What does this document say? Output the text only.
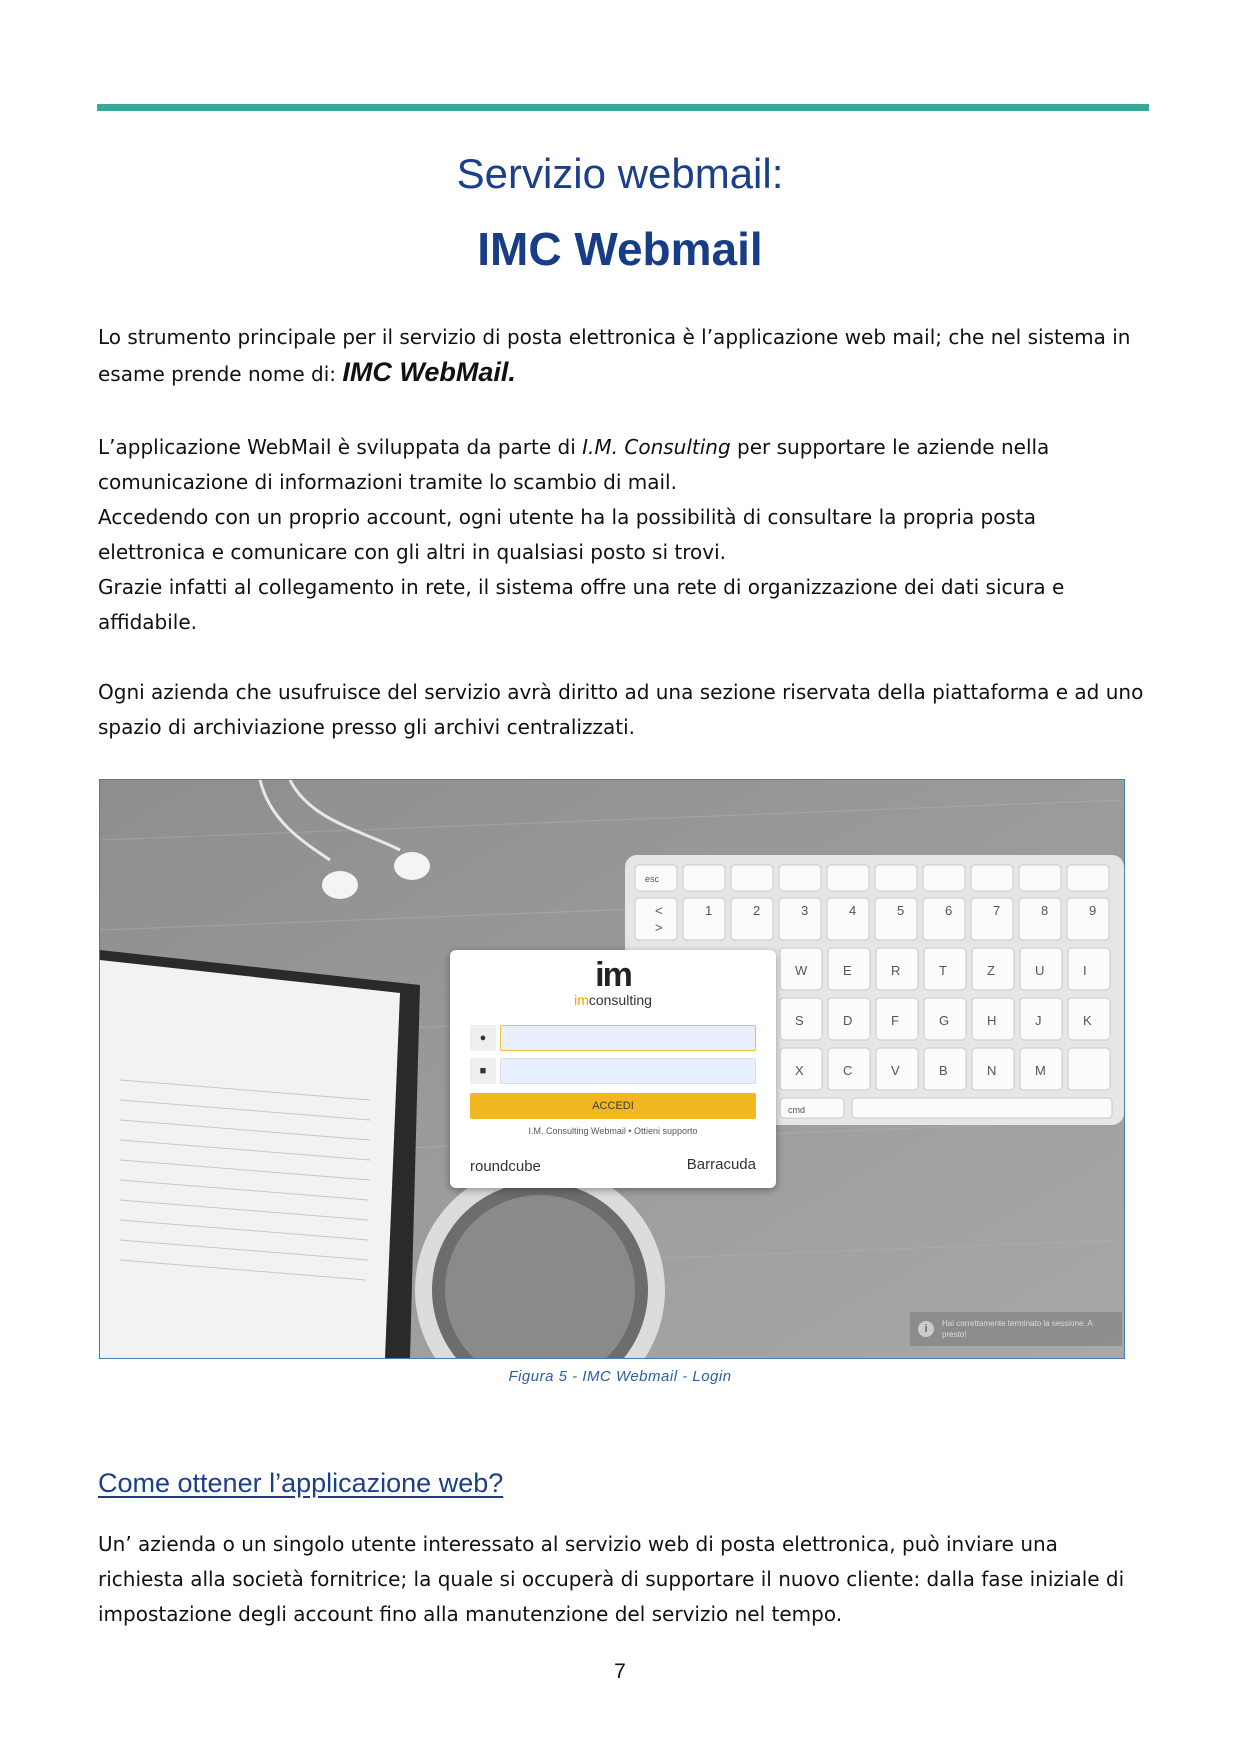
Servizio webmail:
IMC Webmail
Lo strumento principale per il servizio di posta elettronica è l’applicazione web mail; che nel sistema in esame prende nome di: IMC WebMail.
L’applicazione WebMail è sviluppata da parte di I.M. Consulting per supportare le aziende nella comunicazione di informazioni tramite lo scambio di mail.
Accedendo con un proprio account, ogni utente ha la possibilità di consultare la propria posta elettronica e comunicare con gli altri in qualsiasi posto si trovi.
Grazie infatti al collegamento in rete, il sistema offre una rete di organizzazione dei dati sicura e affidabile.
Ogni azienda che usufruisce del servizio avrà diritto ad una sezione riservata della piattaforma e ad uno spazio di archiviazione presso gli archivi centralizzati.
esc
<
>
1	2	3	4	5	6	7	8	9
W	E	R	T	Z	U	I
S	D	F	G	H	J	K
X	C	V	B	N	M
cmd
im
imconsulting
●
■
ACCEDI
I.M. Consulting Webmail • Ottieni supporto
roundcube	Barracuda
i	Hai correttamente terminato la sessione. A presto!
Figura 5 - IMC Webmail - Login
Come ottener l’applicazione web?
Un’ azienda o un singolo utente interessato al servizio web di posta elettronica, può inviare una richiesta alla società fornitrice; la quale si occuperà di supportare il nuovo cliente: dalla fase iniziale di impostazione degli account fino alla manutenzione del servizio nel tempo.
7
